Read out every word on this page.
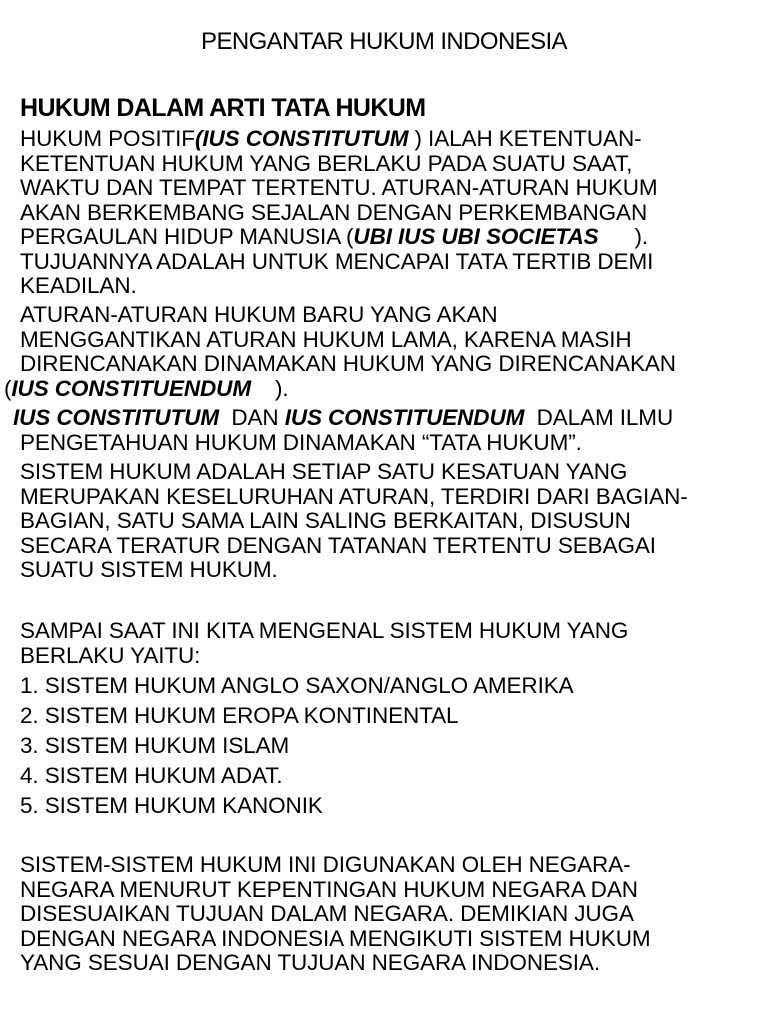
PENGANTAR HUKUM INDONESIA
HUKUM DALAM ARTI TATA HUKUM

HUKUM POSITIF(IUS CONSTITUTUM ) IALAH KETENTUAN-
KETENTUAN HUKUM YANG BERLAKU PADA SUATU SAAT,
WAKTU DAN TEMPAT TERTENTU. ATURAN-ATURAN HUKUM
AKAN BERKEMBANG SEJALAN DENGAN PERKEMBANGAN
PERGAULAN HIDUP MANUSIA (UBI IUS UBI SOCIETAS ).
TUJUANNYA ADALAH UNTUK MENCAPAI TATA TERTIB DEMI
KEADILAN.

ATURAN-ATURAN HUKUM BARU YANG AKAN
MENGGANTIKAN ATURAN HUKUM LAMA, KARENA MASIH
DIRENCANAKAN DINAMAKAN HUKUM YANG DIRENCANAKAN
(IUS CONSTITUENDUM ).

IUS CONSTITUTUM DAN IUS CONSTITUENDUM DALAM ILMU
PENGETAHUAN HUKUM DINAMAKAN “TATA HUKUM”.

SISTEM HUKUM ADALAH SETIAP SATU KESATUAN YANG
MERUPAKAN KESELURUHAN ATURAN, TERDIRI DARI BAGIAN-
BAGIAN, SATU SAMA LAIN SALING BERKAITAN, DISUSUN
SECARA TERATUR DENGAN TATANAN TERTENTU SEBAGAI
SUATU SISTEM HUKUM.

SAMPAI SAAT INI KITA MENGENAL SISTEM HUKUM YANG
BERLAKU YAITU:

1. SISTEM HUKUM ANGLO SAXON/ANGLO AMERIKA
2. SISTEM HUKUM EROPA KONTINENTAL
3. SISTEM HUKUM ISLAM
4. SISTEM HUKUM ADAT.
5. SISTEM HUKUM KANONIK

SISTEM-SISTEM HUKUM INI DIGUNAKAN OLEH NEGARA-
NEGARA MENURUT KEPENTINGAN HUKUM NEGARA DAN
DISESUAIKAN TUJUAN DALAM NEGARA. DEMIKIAN JUGA
DENGAN NEGARA INDONESIA MENGIKUTI SISTEM HUKUM
YANG SESUAI DENGAN TUJUAN NEGARA INDONESIA.
